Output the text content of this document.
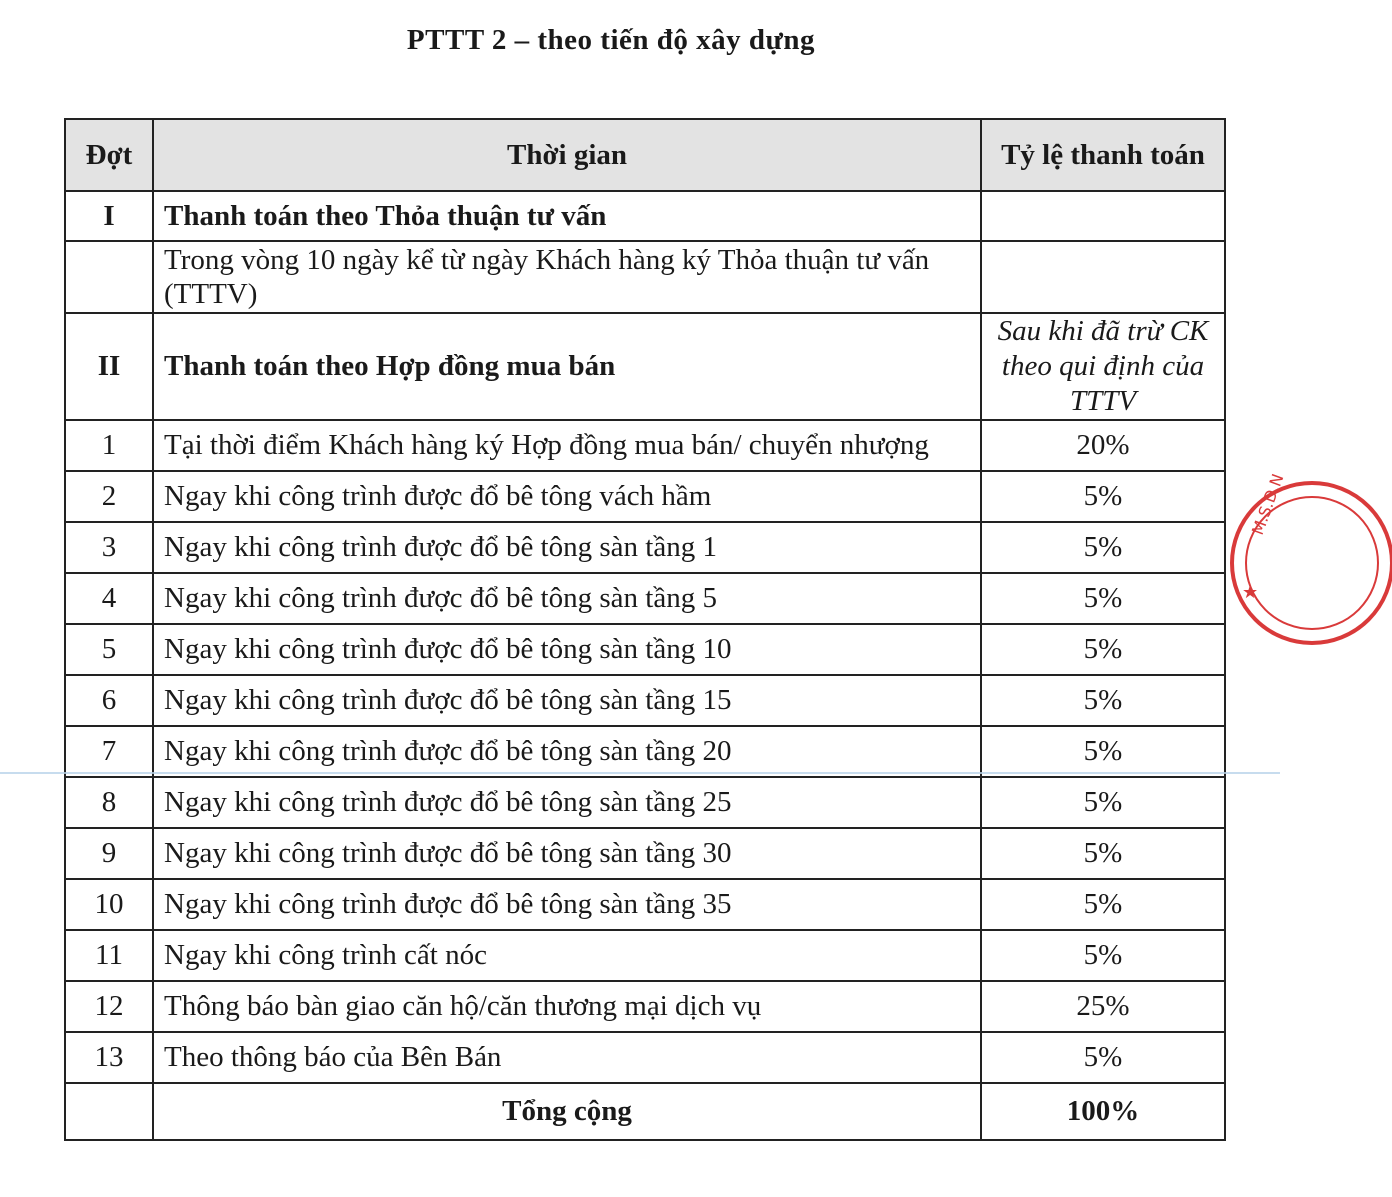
PTTT 2 – theo tiến độ xây dựng
Đợt	Thời gian	Tỷ lệ thanh toán
I	Thanh toán theo Thỏa thuận tư vấn	
	Trong vòng 10 ngày kể từ ngày Khách hàng ký Thỏa thuận tư vấn (TTTV)	
II	Thanh toán theo Hợp đồng mua bán	Sau khi đã trừ CK theo qui định của TTTV
1	Tại thời điểm Khách hàng ký Hợp đồng mua bán/ chuyển nhượng	20%
2	Ngay khi công trình được đổ bê tông vách hầm	5%
3	Ngay khi công trình được đổ bê tông sàn tầng 1	5%
4	Ngay khi công trình được đổ bê tông sàn tầng 5	5%
5	Ngay khi công trình được đổ bê tông sàn tầng 10	5%
6	Ngay khi công trình được đổ bê tông sàn tầng 15	5%
7	Ngay khi công trình được đổ bê tông sàn tầng 20	5%
8	Ngay khi công trình được đổ bê tông sàn tầng 25	5%
9	Ngay khi công trình được đổ bê tông sàn tầng 30	5%
10	Ngay khi công trình được đổ bê tông sàn tầng 35	5%
11	Ngay khi công trình cất nóc	5%
12	Thông báo bàn giao căn hộ/căn thương mại dịch vụ	25%
13	Theo thông báo của Bên Bán	5%
	Tổng cộng	100%
M.S.D.N
★
